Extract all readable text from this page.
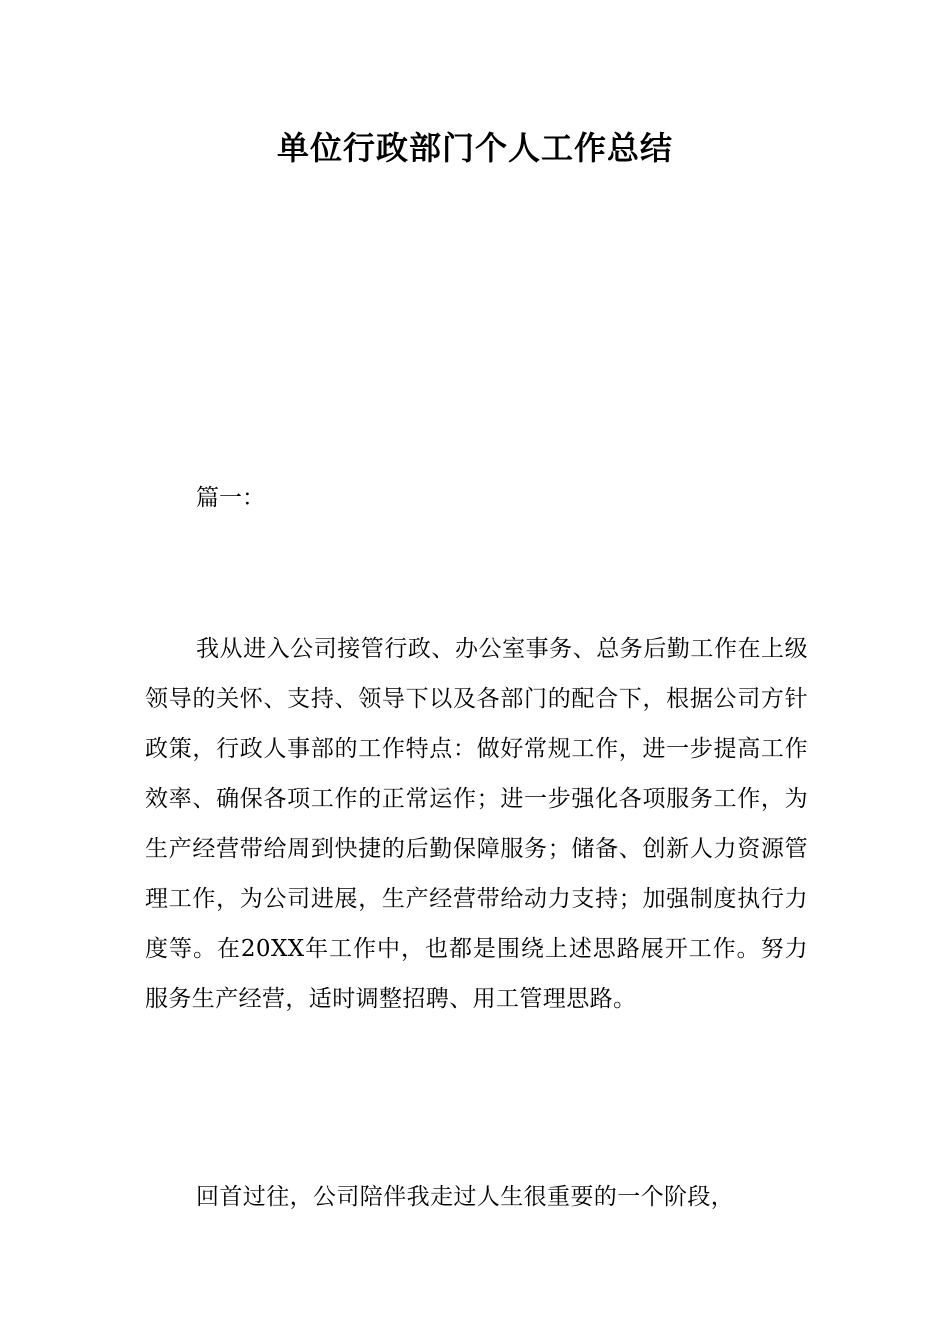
单位行政部门个人工作总结
篇一：

我从进入公司接管行政、办公室事务、总务后勤工作在上级领导的关怀、支持、领导下以及各部门的配合下，根据公司方针政策，行政人事部的工作特点：做好常规工作，进一步提高工作效率、确保各项工作的正常运作；进一步强化各项服务工作，为生产经营带给周到快捷的后勤保障服务；储备、创新人力资源管理工作，为公司进展，生产经营带给动力支持；加强制度执行力度等。在20XX年工作中，也都是围绕上述思路展开工作。努力服务生产经营，适时调整招聘、用工管理思路。

回首过往，公司陪伴我走过人生很重要的一个阶段，
